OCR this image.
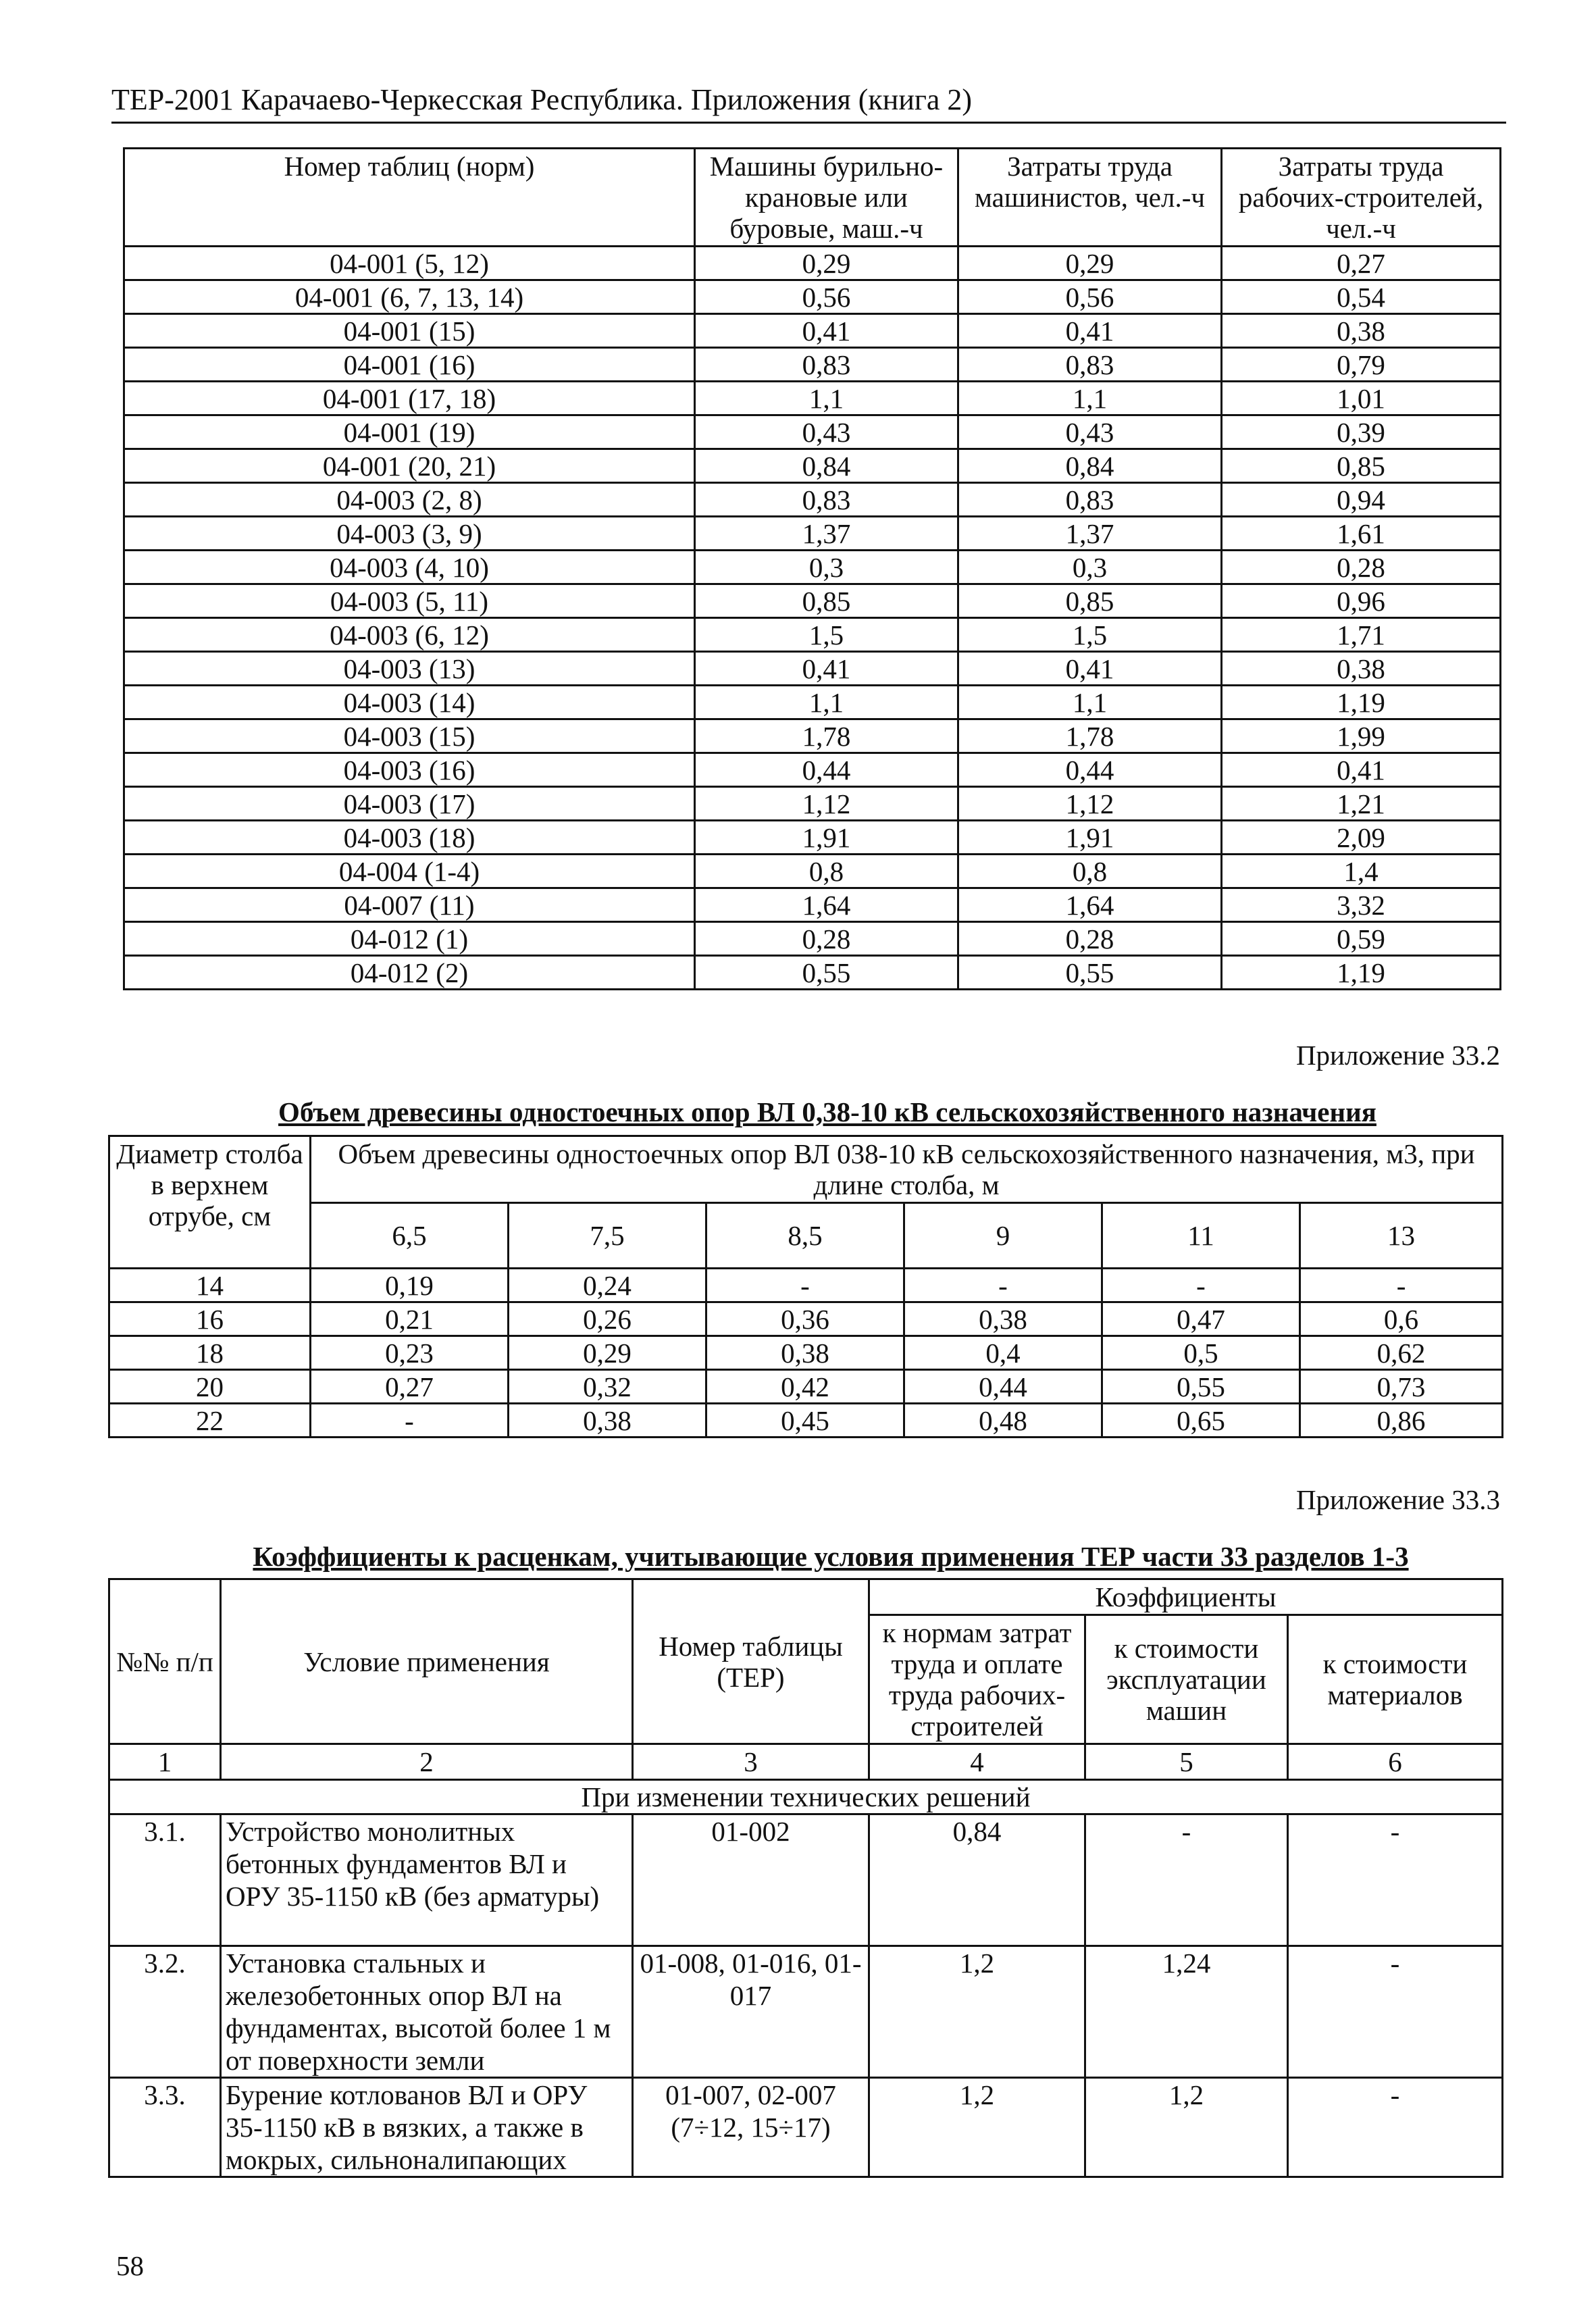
ТЕР-2001 Карачаево-Черкесская Республика. Приложения (книга 2)
Номер таблиц (норм)	Машины бурильно-крановые или буровые, маш.-ч	Затраты труда машинистов, чел.-ч	Затраты труда рабочих-строителей, чел.-ч
04-001 (5, 12)	0,29	0,29	0,27
04-001 (6, 7, 13, 14)	0,56	0,56	0,54
04-001 (15)	0,41	0,41	0,38
04-001 (16)	0,83	0,83	0,79
04-001 (17, 18)	1,1	1,1	1,01
04-001 (19)	0,43	0,43	0,39
04-001 (20, 21)	0,84	0,84	0,85
04-003 (2, 8)	0,83	0,83	0,94
04-003 (3, 9)	1,37	1,37	1,61
04-003 (4, 10)	0,3	0,3	0,28
04-003 (5, 11)	0,85	0,85	0,96
04-003 (6, 12)	1,5	1,5	1,71
04-003 (13)	0,41	0,41	0,38
04-003 (14)	1,1	1,1	1,19
04-003 (15)	1,78	1,78	1,99
04-003 (16)	0,44	0,44	0,41
04-003 (17)	1,12	1,12	1,21
04-003 (18)	1,91	1,91	2,09
04-004 (1-4)	0,8	0,8	1,4
04-007 (11)	1,64	1,64	3,32
04-012 (1)	0,28	0,28	0,59
04-012 (2)	0,55	0,55	1,19
Приложение 33.2
Объем древесины одностоечных опор ВЛ 0,38-10 кВ сельскохозяйственного назначения
Диаметр столба в верхнем отрубе, см	Объем древесины одностоечных опор ВЛ 038-10 кВ сельскохозяйственного назначения, м3, при длине столба, м					
	6,5	7,5	8,5	9	11	13
14	0,19	0,24	-	-	-	-
16	0,21	0,26	0,36	0,38	0,47	0,6
18	0,23	0,29	0,38	0,4	0,5	0,62
20	0,27	0,32	0,42	0,44	0,55	0,73
22	-	0,38	0,45	0,48	0,65	0,86
Приложение 33.3
Коэффициенты к расценкам, учитывающие условия применения ТЕР части 33 разделов 1-3
№№ п/п	Условие применения	Номер таблицы (ТЕР)	Коэффициенты		
			к нормам затрат труда и оплате труда рабочих-строителей	к стоимости эксплуатации машин	к стоимости материалов
1	2	3	4	5	6
При изменении технических решений					
3.1.	Устройство монолитных бетонных фундаментов ВЛ и ОРУ 35-1150 кВ (без арматуры)	01-002	0,84	-	-
3.2.	Установка стальных и железобетонных опор ВЛ на фундаментах, высотой более 1 м от поверхности земли	01-008, 01-016, 01-017	1,2	1,24	-
3.3.	Бурение котлованов ВЛ и ОРУ 35-1150 кВ в вязких, а также в мокрых, сильноналипающих	01-007, 02-007 (7÷12, 15÷17)	1,2	1,2	-
58
